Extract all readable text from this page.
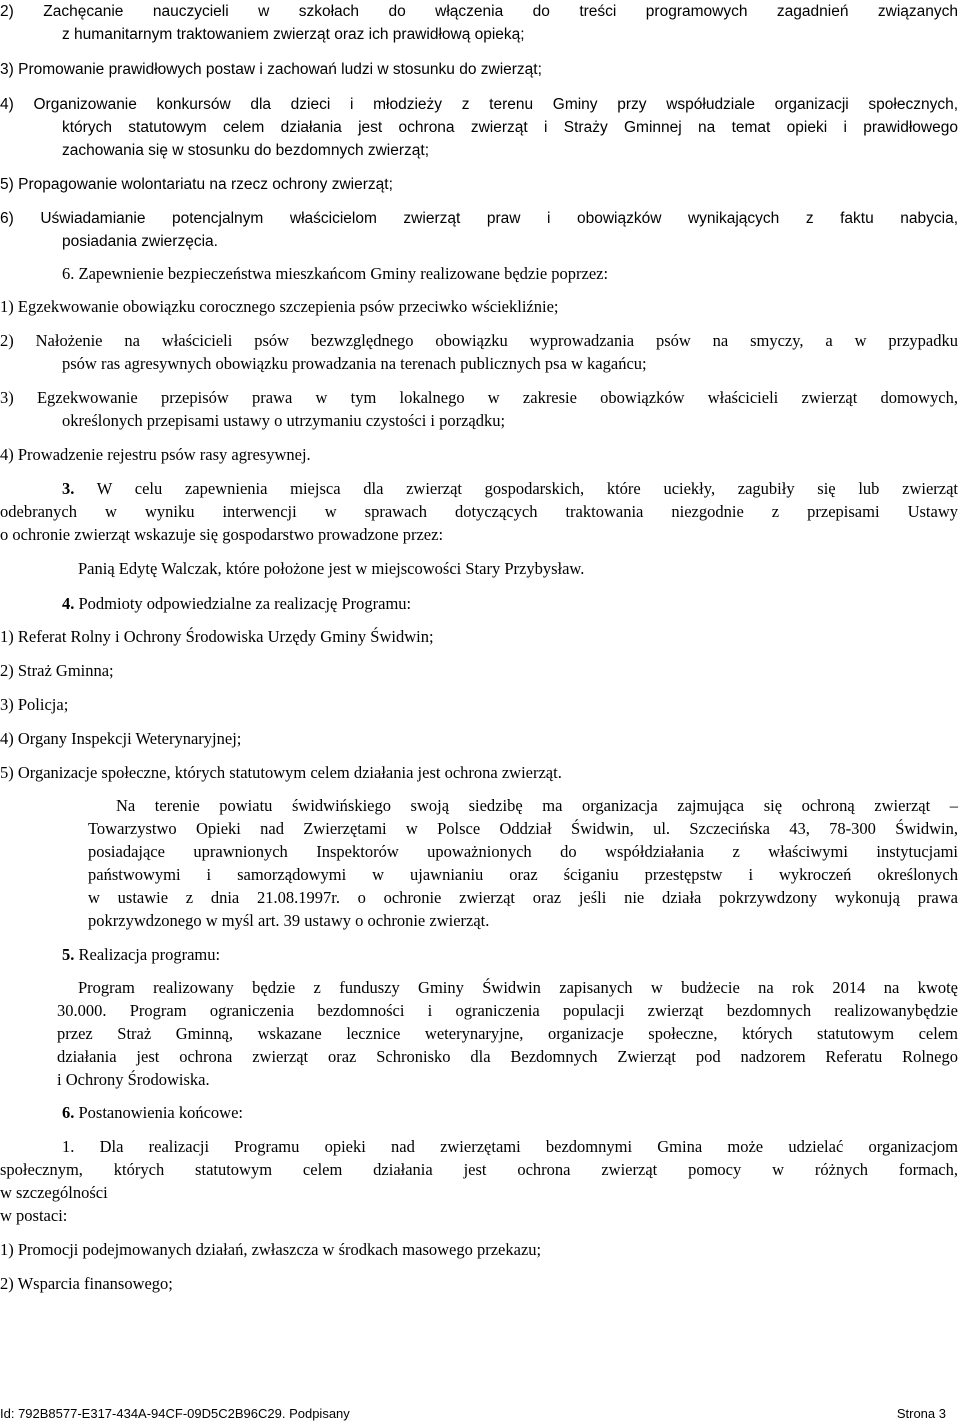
2) Zachęcanie nauczycieli w szkołach do włączenia do treści programowych zagadnień związanych
z humanitarnym traktowaniem zwierząt oraz ich prawidłową opieką;
3) Promowanie prawidłowych postaw i zachowań ludzi w stosunku do zwierząt;
4) Organizowanie konkursów dla dzieci i młodzieży z terenu Gminy przy współudziale organizacji społecznych,
których statutowym celem działania jest ochrona zwierząt i Straży Gminnej na temat opieki i prawidłowego
zachowania się w stosunku do bezdomnych zwierząt;
5) Propagowanie wolontariatu na rzecz ochrony zwierząt;
6) Uświadamianie potencjalnym właścicielom zwierząt praw i obowiązków wynikających z faktu nabycia,
posiadania zwierzęcia.
6. Zapewnienie bezpieczeństwa mieszkańcom Gminy realizowane będzie poprzez:
1) Egzekwowanie obowiązku corocznego szczepienia psów przeciwko wściekliźnie;
2) Nałożenie na właścicieli psów bezwzględnego obowiązku wyprowadzania psów na smyczy, a w przypadku
psów ras agresywnych obowiązku prowadzania na terenach publicznych psa w kagańcu;
3) Egzekwowanie przepisów prawa w tym lokalnego w zakresie obowiązków właścicieli zwierząt domowych,
określonych przepisami ustawy o utrzymaniu czystości i porządku;
4) Prowadzenie rejestru psów rasy agresywnej.
3. W celu zapewnienia miejsca dla zwierząt gospodarskich, które uciekły, zagubiły się lub zwierząt
odebranych w wyniku interwencji w sprawach dotyczących traktowania niezgodnie z przepisami Ustawy
o ochronie zwierząt wskazuje się gospodarstwo prowadzone przez:
Panią Edytę Walczak, które położone jest w miejscowości Stary Przybysław.
4. Podmioty odpowiedzialne za realizację Programu:
1) Referat Rolny i Ochrony Środowiska Urzędy Gminy Świdwin;
2) Straż Gminna;
3) Policja;
4) Organy Inspekcji Weterynaryjnej;
5) Organizacje społeczne, których statutowym celem działania jest ochrona zwierząt.
Na terenie powiatu świdwińskiego swoją siedzibę ma organizacja zajmująca się ochroną zwierząt –
Towarzystwo Opieki nad Zwierzętami w Polsce Oddział Świdwin, ul. Szczecińska 43, 78-300 Świdwin,
posiadające uprawnionych Inspektorów upoważnionych do współdziałania z właściwymi instytucjami
państwowymi i samorządowymi w ujawnianiu oraz ściganiu przestępstw i wykroczeń określonych
w ustawie z dnia 21.08.1997r. o ochronie zwierząt oraz jeśli nie działa pokrzywdzony wykonują prawa
pokrzywdzonego w myśl art. 39 ustawy o ochronie zwierząt.
5. Realizacja programu:
Program realizowany będzie z funduszy Gminy Świdwin zapisanych w budżecie na rok 2014 na kwotę
30.000. Program ograniczenia bezdomności i ograniczenia populacji zwierząt bezdomnych realizowanybędzie
przez Straż Gminną, wskazane lecznice weterynaryjne, organizacje społeczne, których statutowym celem
działania jest ochrona zwierząt oraz Schronisko dla Bezdomnych Zwierząt pod nadzorem Referatu Rolnego
i Ochrony Środowiska.
6. Postanowienia końcowe:
1. Dla realizacji Programu opieki nad zwierzętami bezdomnymi Gmina może udzielać organizacjom
społecznym, których statutowym celem działania jest ochrona zwierząt pomocy w różnych formach,
w szczególności
w postaci:
1) Promocji podejmowanych działań, zwłaszcza w środkach masowego przekazu;
2) Wsparcia finansowego;
Id: 792B8577-E317-434A-94CF-09D5C2B96C29. Podpisany	Strona 3
